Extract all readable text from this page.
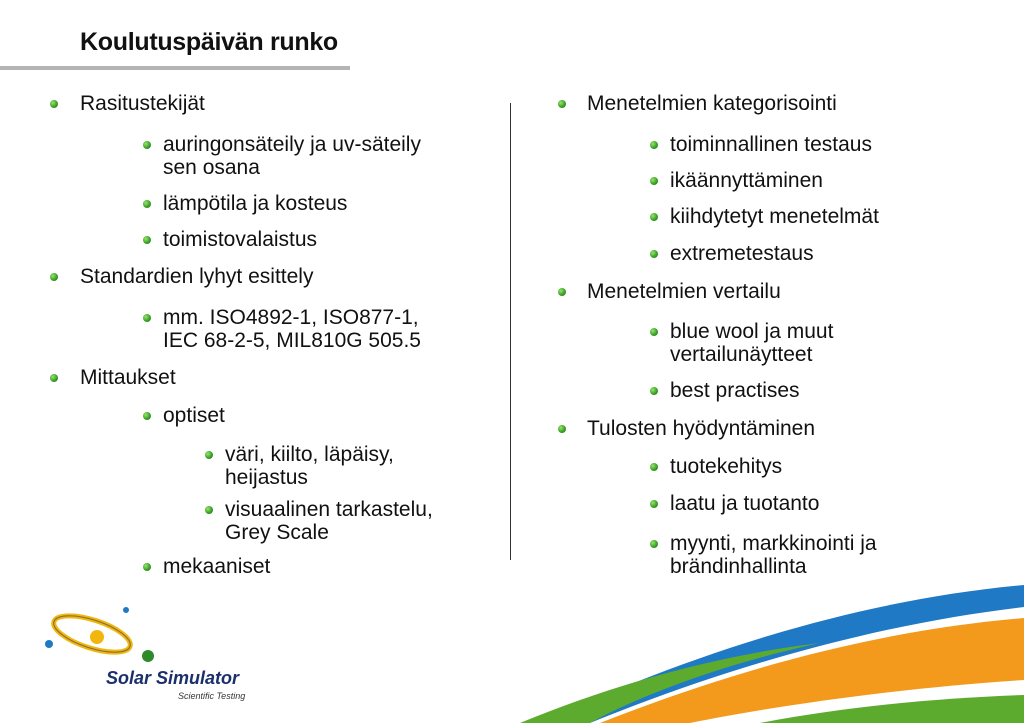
Koulutuspäivän runko
Rasitustekijät
auringonsäteily ja uv-säteily
sen osana
lämpötila ja kosteus
toimistovalaistus
Standardien lyhyt esittely
mm. ISO4892-1, ISO877-1,
IEC 68-2-5, MIL810G 505.5
Mittaukset
optiset
väri, kiilto, läpäisy,
heijastus
visuaalinen tarkastelu,
Grey Scale
mekaaniset
Menetelmien kategorisointi
toiminnallinen testaus
ikäännyttäminen
kiihdytetyt menetelmät
extremetestaus
Menetelmien vertailu
blue wool ja muut
vertailunäytteet
best practises
Tulosten hyödyntäminen
tuotekehitys
laatu ja tuotanto
myynti, markkinointi ja
brändinhallinta
Solar Simulator
Scientific Testing
